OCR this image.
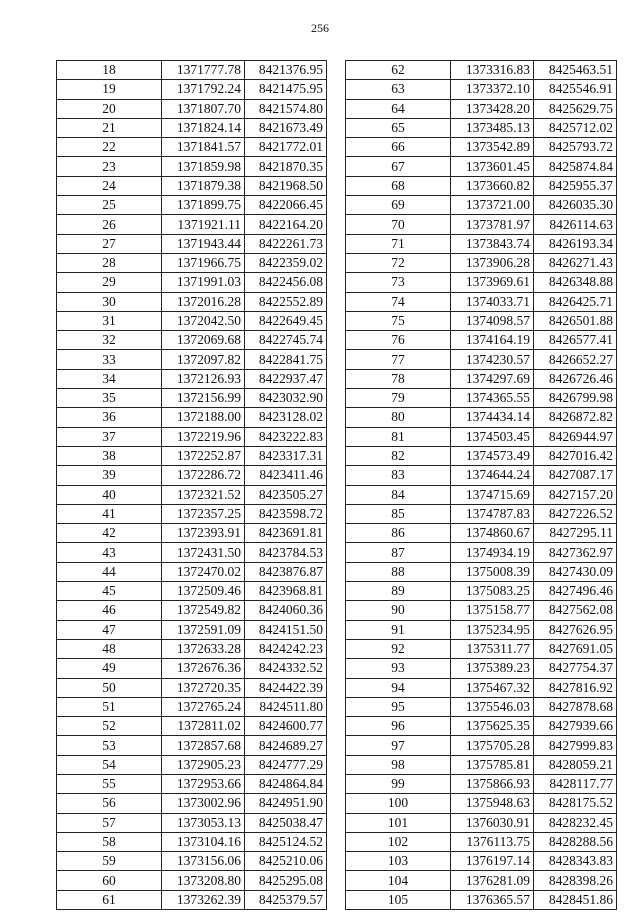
256
18	1371777.78	8421376.95
19	1371792.24	8421475.95
20	1371807.70	8421574.80
21	1371824.14	8421673.49
22	1371841.57	8421772.01
23	1371859.98	8421870.35
24	1371879.38	8421968.50
25	1371899.75	8422066.45
26	1371921.11	8422164.20
27	1371943.44	8422261.73
28	1371966.75	8422359.02
29	1371991.03	8422456.08
30	1372016.28	8422552.89
31	1372042.50	8422649.45
32	1372069.68	8422745.74
33	1372097.82	8422841.75
34	1372126.93	8422937.47
35	1372156.99	8423032.90
36	1372188.00	8423128.02
37	1372219.96	8423222.83
38	1372252.87	8423317.31
39	1372286.72	8423411.46
40	1372321.52	8423505.27
41	1372357.25	8423598.72
42	1372393.91	8423691.81
43	1372431.50	8423784.53
44	1372470.02	8423876.87
45	1372509.46	8423968.81
46	1372549.82	8424060.36
47	1372591.09	8424151.50
48	1372633.28	8424242.23
49	1372676.36	8424332.52
50	1372720.35	8424422.39
51	1372765.24	8424511.80
52	1372811.02	8424600.77
53	1372857.68	8424689.27
54	1372905.23	8424777.29
55	1372953.66	8424864.84
56	1373002.96	8424951.90
57	1373053.13	8425038.47
58	1373104.16	8425124.52
59	1373156.06	8425210.06
60	1373208.80	8425295.08
61	1373262.39	8425379.57
62	1373316.83	8425463.51
63	1373372.10	8425546.91
64	1373428.20	8425629.75
65	1373485.13	8425712.02
66	1373542.89	8425793.72
67	1373601.45	8425874.84
68	1373660.82	8425955.37
69	1373721.00	8426035.30
70	1373781.97	8426114.63
71	1373843.74	8426193.34
72	1373906.28	8426271.43
73	1373969.61	8426348.88
74	1374033.71	8426425.71
75	1374098.57	8426501.88
76	1374164.19	8426577.41
77	1374230.57	8426652.27
78	1374297.69	8426726.46
79	1374365.55	8426799.98
80	1374434.14	8426872.82
81	1374503.45	8426944.97
82	1374573.49	8427016.42
83	1374644.24	8427087.17
84	1374715.69	8427157.20
85	1374787.83	8427226.52
86	1374860.67	8427295.11
87	1374934.19	8427362.97
88	1375008.39	8427430.09
89	1375083.25	8427496.46
90	1375158.77	8427562.08
91	1375234.95	8427626.95
92	1375311.77	8427691.05
93	1375389.23	8427754.37
94	1375467.32	8427816.92
95	1375546.03	8427878.68
96	1375625.35	8427939.66
97	1375705.28	8427999.83
98	1375785.81	8428059.21
99	1375866.93	8428117.77
100	1375948.63	8428175.52
101	1376030.91	8428232.45
102	1376113.75	8428288.56
103	1376197.14	8428343.83
104	1376281.09	8428398.26
105	1376365.57	8428451.86
